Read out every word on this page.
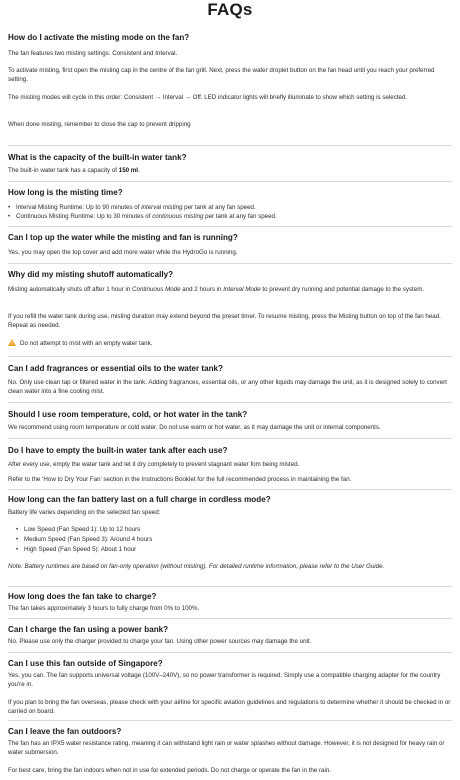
FAQs
How do I activate the misting mode on the fan?
The fan features two misting settings: Consistent and Interval.
To activate misting, first open the misting cap in the centre of the fan grill. Next, press the water droplet button on the fan head until you reach your preferred setting.
The misting modes will cycle in this order: Consistent → Interval → Off. LED indicator lights will briefly illuminate to show which setting is selected.
When done misting, remember to close the cap to prevent dripping
What is the capacity of the built-in water tank?
The built-in water tank has a capacity of 150 ml.
How long is the misting time?
• Interval Misting Runtime: Up to 90 minutes of interval misting per tank at any fan speed.
• Continuous Misting Runtime: Up to 30 minutes of continuous misting per tank at any fan speed.
Can I top up the water while the misting and fan is running?
Yes, you may open the top cover and add more water while the HydroGo is running.
Why did my misting shutoff automatically?
Misting automatically shuts off after 1 hour in Continuous Mode and 2 hours in Interval Mode to prevent dry running and potential damage to the system.
If you refill the water tank during use, misting duration may extend beyond the preset timer. To resume misting, press the Misting button on top of the fan head. Repeat as needed.
Do not attempt to mist with an empty water tank.
Can I add fragrances or essential oils to the water tank?
No. Only use clean tap or filtered water in the tank. Adding fragrances, essential oils, or any other liquids may damage the unit, as it is designed solely to convert clean water into a fine cooling mist.
Should I use room temperature, cold, or hot water in the tank?
We recommend using room temperature or cold water. Do not use warm or hot water, as it may damage the unit or internal components.
Do I have to empty the built-in water tank after each use?
After every use, empty the water tank and let it dry completely to prevent stagnant water fom being misted.
Refer to the ‘How to Dry Your Fan’ section in the Instructions Booklet for the full recommended process in maintaining the fan.
How long can the fan battery last on a full charge in cordless mode?
Battery life varies depending on the selected fan speed:
• Low Speed (Fan Speed 1): Up to 12 hours
• Medium Speed (Fan Speed 3): Around 4 hours
• High Speed (Fan Speed 5): About 1 hour
Note: Battery runtimes are based on fan-only operation (without misting). For detailed runtime information, please refer to the User Guide.
How long does the fan take to charge?
The fan takes approximately 3 hours to fully charge from 0% to 100%.
Can I charge the fan using a power bank?
No. Please use only the charger provided to charge your fan. Using other power sources may damage the unit.
Can I use this fan outside of Singapore?
Yes, you can. The fan supports universal voltage (100V–240V), so no power transformer is required. Simply use a compatible charging adapter for the country you're in.
If you plan to bring the fan overseas, please check with your airline for specific aviation guidelines and regulations to determine whether it should be checked in or carried on board.
Can I leave the fan outdoors?
The fan has an IPX5 water resistance rating, meaning it can withstand light rain or water splashes without damage. However, it is not designed for heavy rain or water submersion.
For best care, bring the fan indoors when not in use for extended periods. Do not charge or operate the fan in the rain.
